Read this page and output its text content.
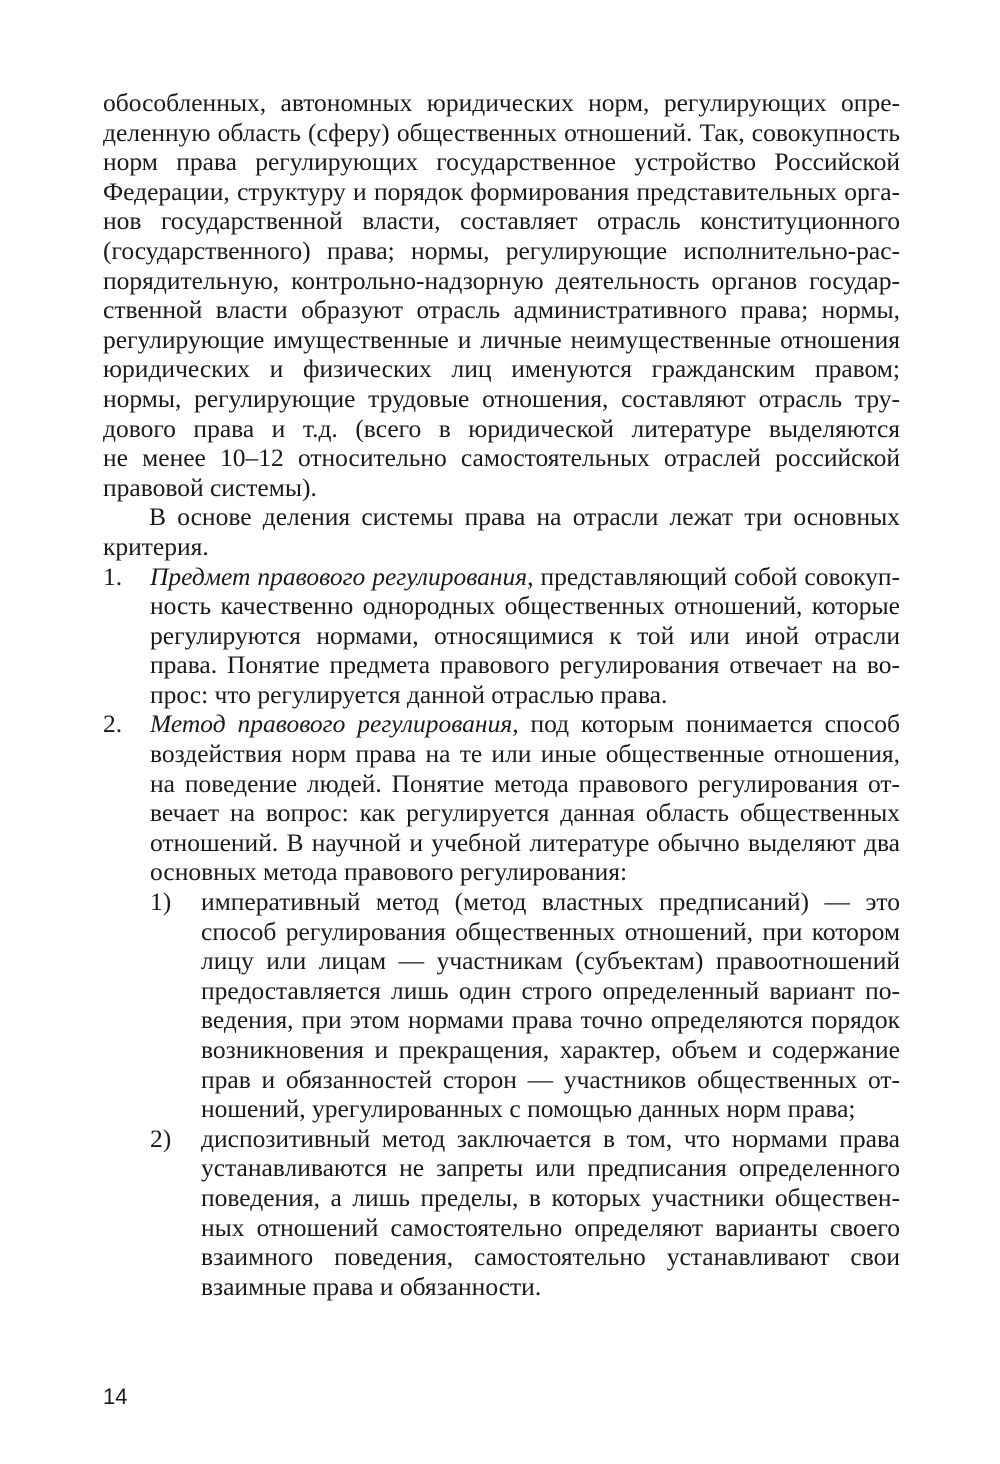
обособленных, автономных юридических норм, регулирующих опре-
деленную область (сферу) общественных отношений. Так, совокупность
норм права регулирующих государственное устройство Российской
Федерации, структуру и порядок формирования представительных орга-
нов государственной власти, составляет отрасль конституционного
(государственного) права; нормы, регулирующие исполнительно-рас-
порядительную, контрольно-надзорную деятельность органов государ-
ственной власти образуют отрасль административного права; нормы,
регулирующие имущественные и личные неимущественные отношения
юридических и физических лиц именуются гражданским правом;
нормы, регулирующие трудовые отношения, составляют отрасль тру-
дового права и т.д. (всего в юридической литературе выделяются
не менее 10–12 относительно самостоятельных отраслей российской
правовой системы).
В основе деления системы права на отрасли лежат три основных
критерия.
1. Предмет правового регулирования, представляющий собой совокуп-
ность качественно однородных общественных отношений, которые
регулируются нормами, относящимися к той или иной отрасли
права. Понятие предмета правового регулирования отвечает на во-
прос: что регулируется данной отраслью права.
2. Метод правового регулирования, под которым понимается способ
воздействия норм права на те или иные общественные отношения,
на поведение людей. Понятие метода правового регулирования от-
вечает на вопрос: как регулируется данная область общественных
отношений. В научной и учебной литературе обычно выделяют два
основных метода правового регулирования:
1) императивный метод (метод властных предписаний) — это
способ регулирования общественных отношений, при котором
лицу или лицам — участникам (субъектам) правоотношений
предоставляется лишь один строго определенный вариант по-
ведения, при этом нормами права точно определяются порядок
возникновения и прекращения, характер, объем и содержание
прав и обязанностей сторон — участников общественных от-
ношений, урегулированных с помощью данных норм права;
2) диспозитивный метод заключается в том, что нормами права
устанавливаются не запреты или предписания определенного
поведения, а лишь пределы, в которых участники обществен-
ных отношений самостоятельно определяют варианты своего
взаимного поведения, самостоятельно устанавливают свои
взаимные права и обязанности.
14
